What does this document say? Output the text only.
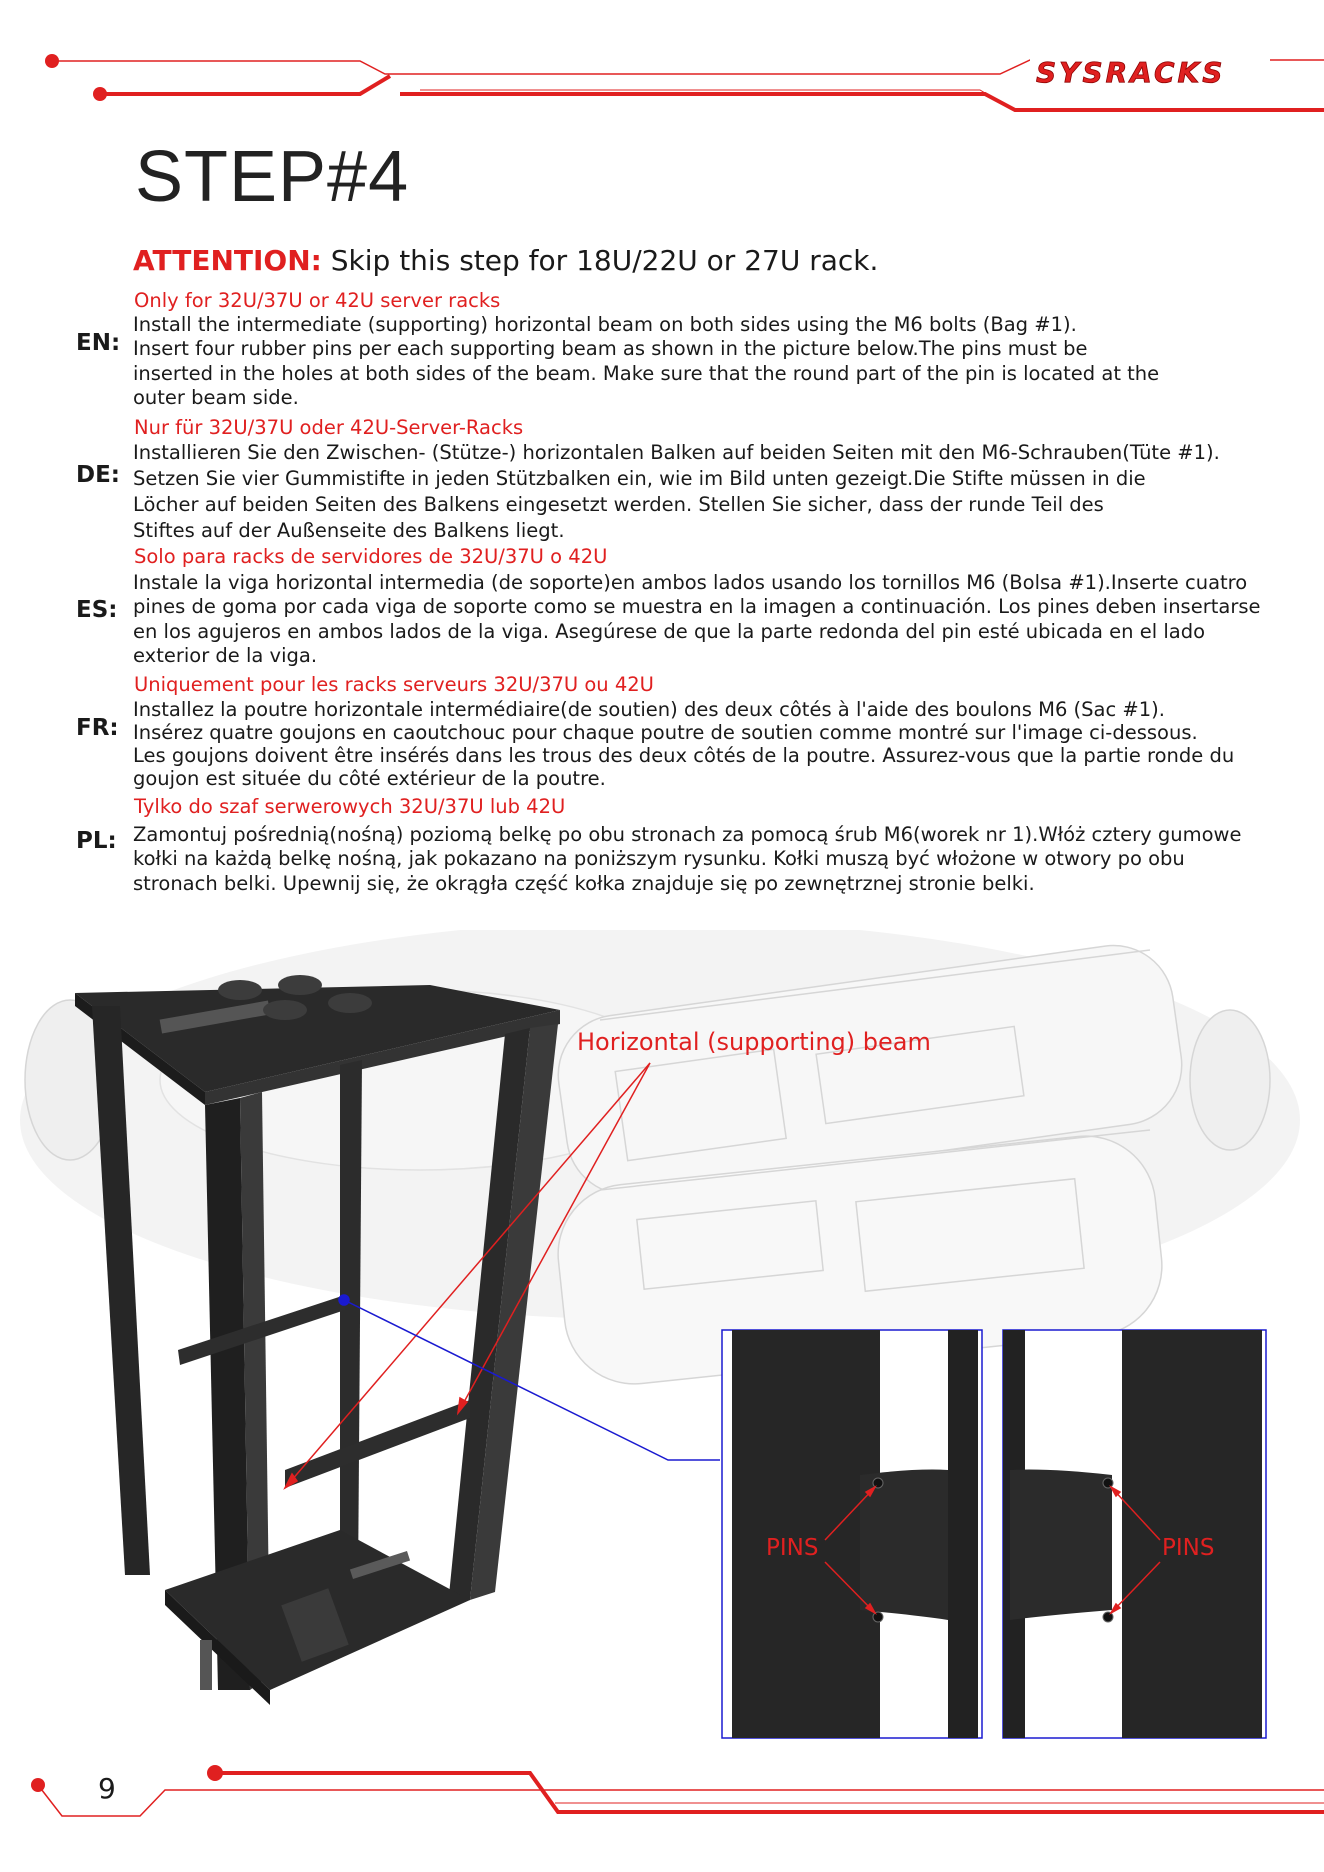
SYSRACKS
STEP#4
ATTENTION: Skip this step for 18U/22U or 27U rack.
EN:
Only for 32U/37U or 42U server racks
Install the intermediate (supporting) horizontal beam on both sides using the M6 bolts (Bag #1).
Insert four rubber pins per each supporting beam as shown in the picture below.The pins must be
inserted in the holes at both sides of the beam. Make sure that the round part of the pin is located at the
outer beam side.
DE:
Nur für 32U/37U oder 42U-Server-Racks
Installieren Sie den Zwischen- (Stütze-) horizontalen Balken auf beiden Seiten mit den M6-Schrauben(Tüte #1).
Setzen Sie vier Gummistifte in jeden Stützbalken ein, wie im Bild unten gezeigt.Die Stifte müssen in die
Löcher auf beiden Seiten des Balkens eingesetzt werden. Stellen Sie sicher, dass der runde Teil des
Stiftes auf der Außenseite des Balkens liegt.
ES:
Solo para racks de servidores de 32U/37U o 42U
Instale la viga horizontal intermedia (de soporte)en ambos lados usando los tornillos M6 (Bolsa #1).Inserte cuatro
pines de goma por cada viga de soporte como se muestra en la imagen a continuación. Los pines deben insertarse
en los agujeros en ambos lados de la viga. Asegúrese de que la parte redonda del pin esté ubicada en el lado
exterior de la viga.
FR:
Uniquement pour les racks serveurs 32U/37U ou 42U
Installez la poutre horizontale intermédiaire(de soutien) des deux côtés à l'aide des boulons M6 (Sac #1).
Insérez quatre goujons en caoutchouc pour chaque poutre de soutien comme montré sur l'image ci-dessous.
Les goujons doivent être insérés dans les trous des deux côtés de la poutre. Assurez-vous que la partie ronde du
goujon est située du côté extérieur de la poutre.
PL:
Tylko do szaf serwerowych 32U/37U lub 42U
Zamontuj pośrednią(nośną) poziomą belkę po obu stronach za pomocą śrub M6(worek nr 1).Włóż cztery gumowe
kołki na każdą belkę nośną, jak pokazano na poniższym rysunku. Kołki muszą być włożone w otwory po obu
stronach belki. Upewnij się, że okrągła część kołka znajduje się po zewnętrznej stronie belki.
Horizontal (supporting) beam
PINS	PINS
9
